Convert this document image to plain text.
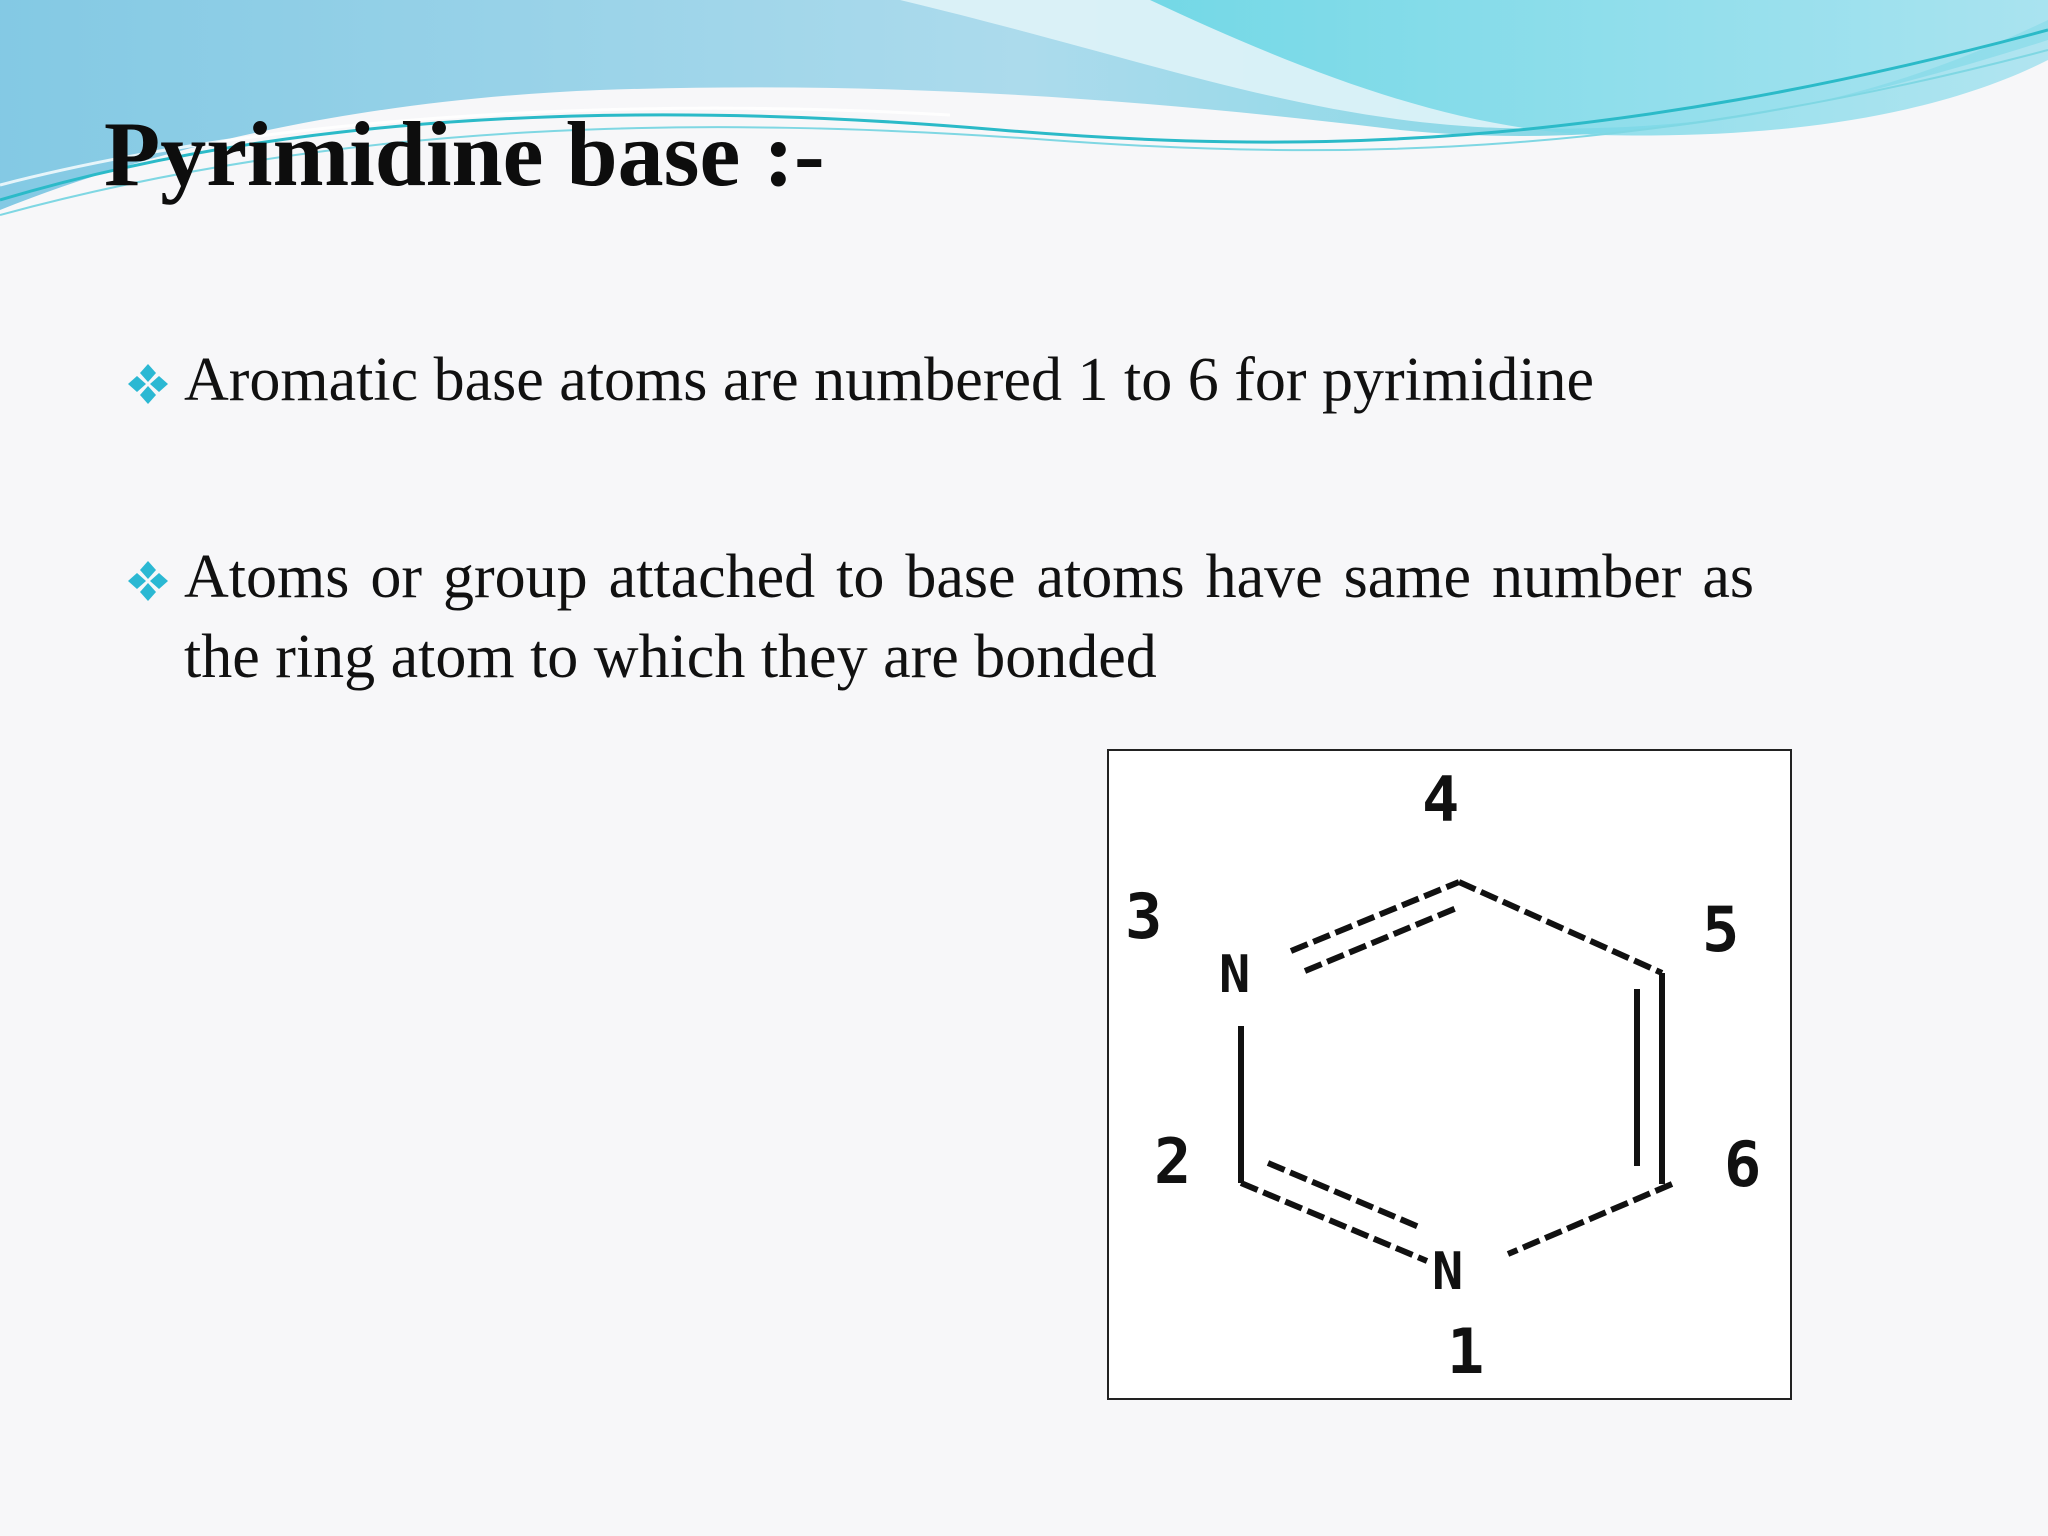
Pyrimidine base :-
Aromatic base atoms are numbered 1 to 6 for pyrimidine
Atoms or group attached to base atoms have same number as the ring atom to which they are bonded
4
3	5
2	6
1
N
N
